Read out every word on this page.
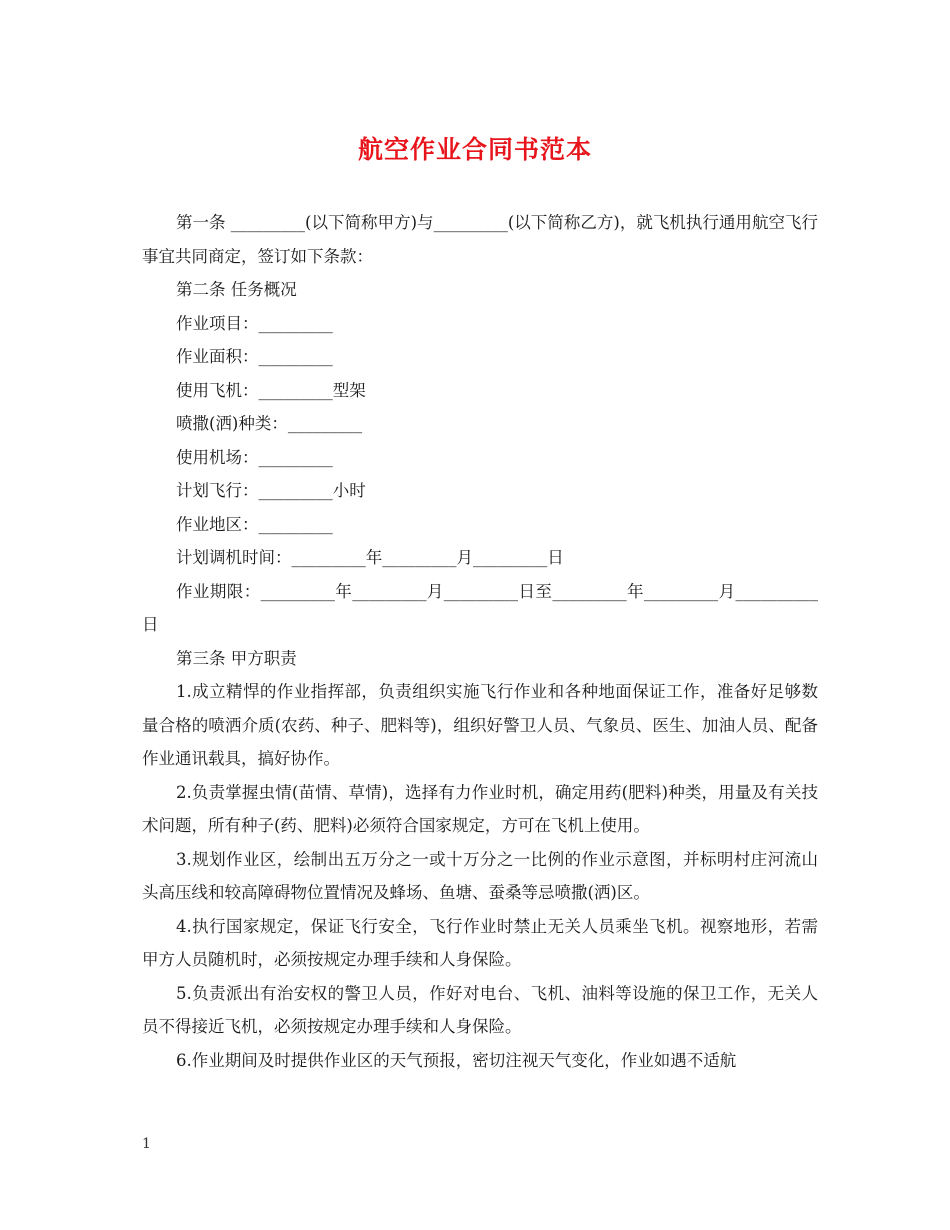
航空作业合同书范本

第一条 _________(以下简称甲方)与_________(以下简称乙方)，就飞机执行通用航空飞行事宜共同商定，签订如下条款：

第二条 任务概况

作业项目：_________

作业面积：_________

使用飞机：_________型架

喷撒(洒)种类：_________

使用机场：_________

计划飞行：_________小时

作业地区：_________

计划调机时间：_________年_________月_________日

作业期限：_________年_________月_________日至_________年_________月__________日

第三条 甲方职责

1.成立精悍的作业指挥部，负责组织实施飞行作业和各种地面保证工作，准备好足够数量合格的喷洒介质(农药、种子、肥料等)，组织好警卫人员、气象员、医生、加油人员、配备作业通讯载具，搞好协作。

2.负责掌握虫情(苗情、草情)，选择有力作业时机，确定用药(肥料)种类，用量及有关技术问题，所有种子(药、肥料)必须符合国家规定，方可在飞机上使用。

3.规划作业区，绘制出五万分之一或十万分之一比例的作业示意图，并标明村庄河流山头高压线和较高障碍物位置情况及蜂场、鱼塘、蚕桑等忌喷撒(洒)区。

4.执行国家规定，保证飞行安全，飞行作业时禁止无关人员乘坐飞机。视察地形，若需甲方人员随机时，必须按规定办理手续和人身保险。

5.负责派出有治安权的警卫人员，作好对电台、飞机、油料等设施的保卫工作，无关人员不得接近飞机，必须按规定办理手续和人身保险。

6.作业期间及时提供作业区的天气预报，密切注视天气变化，作业如遇不适航

1
